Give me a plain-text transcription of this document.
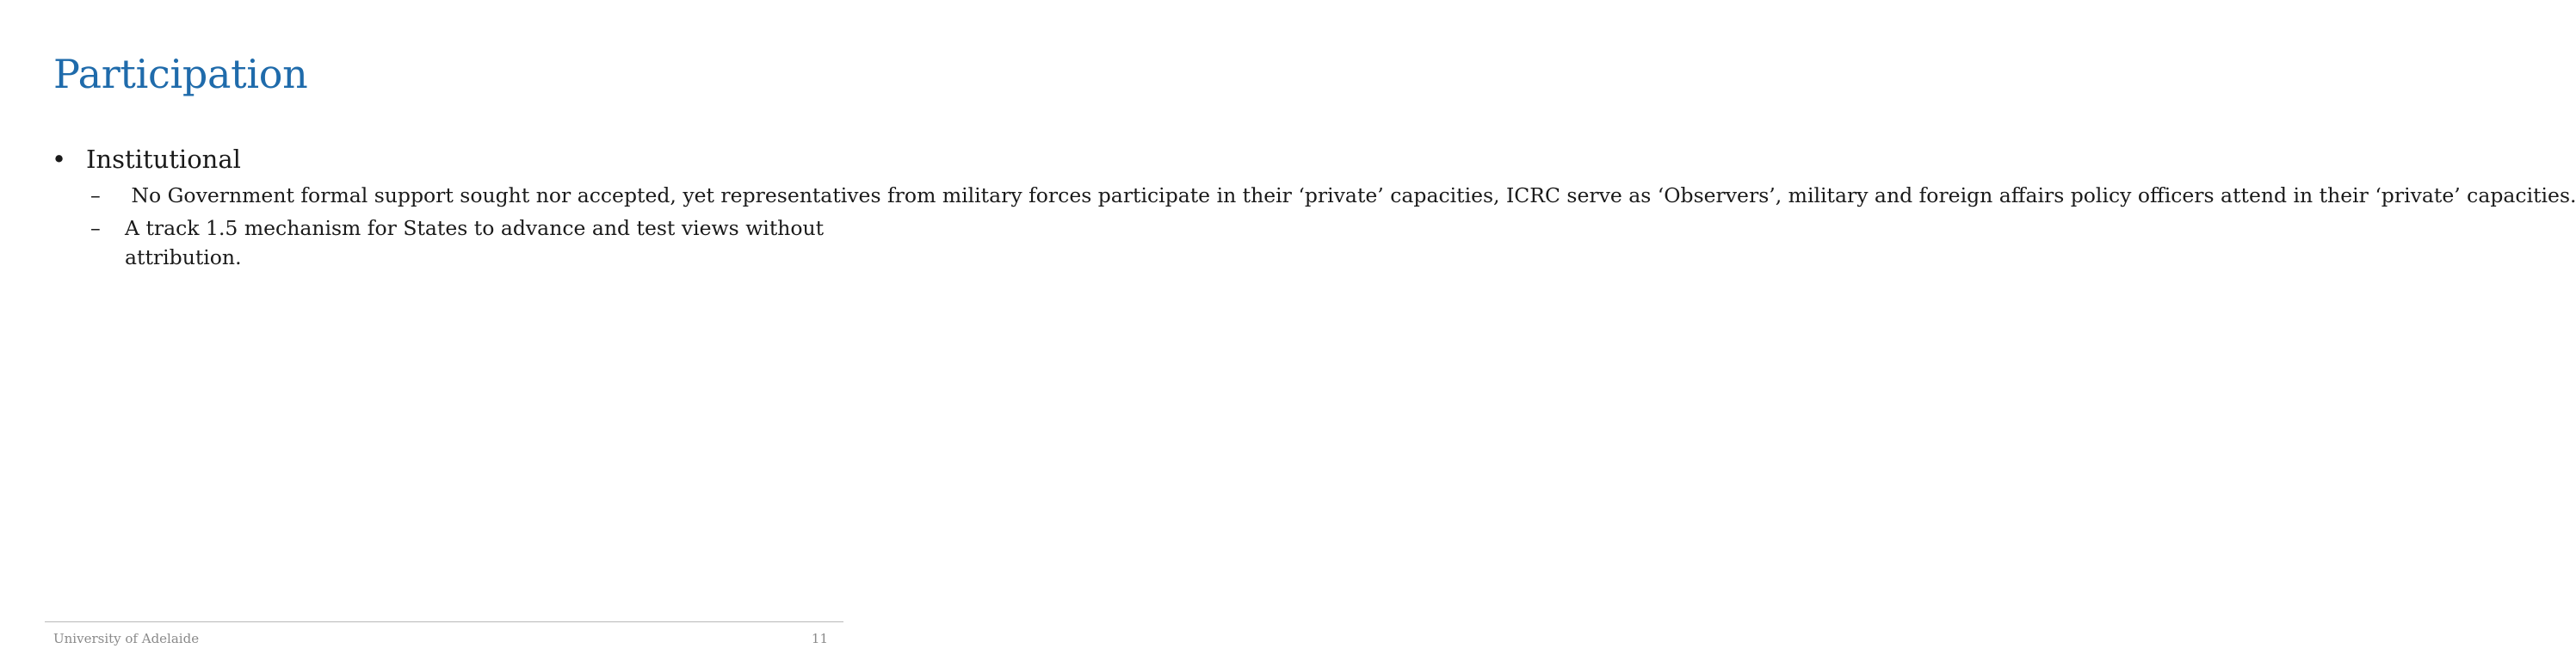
Participation
• Institutional
–	No Government formal support sought nor accepted, yet representatives from military forces participate in their ‘private’ capacities, ICRC serve as ‘Observers’, military and foreign affairs policy officers attend in their ‘private’ capacities.
–	A track 1.5 mechanism for States to advance and test views without attribution.
University of Adelaide	11
